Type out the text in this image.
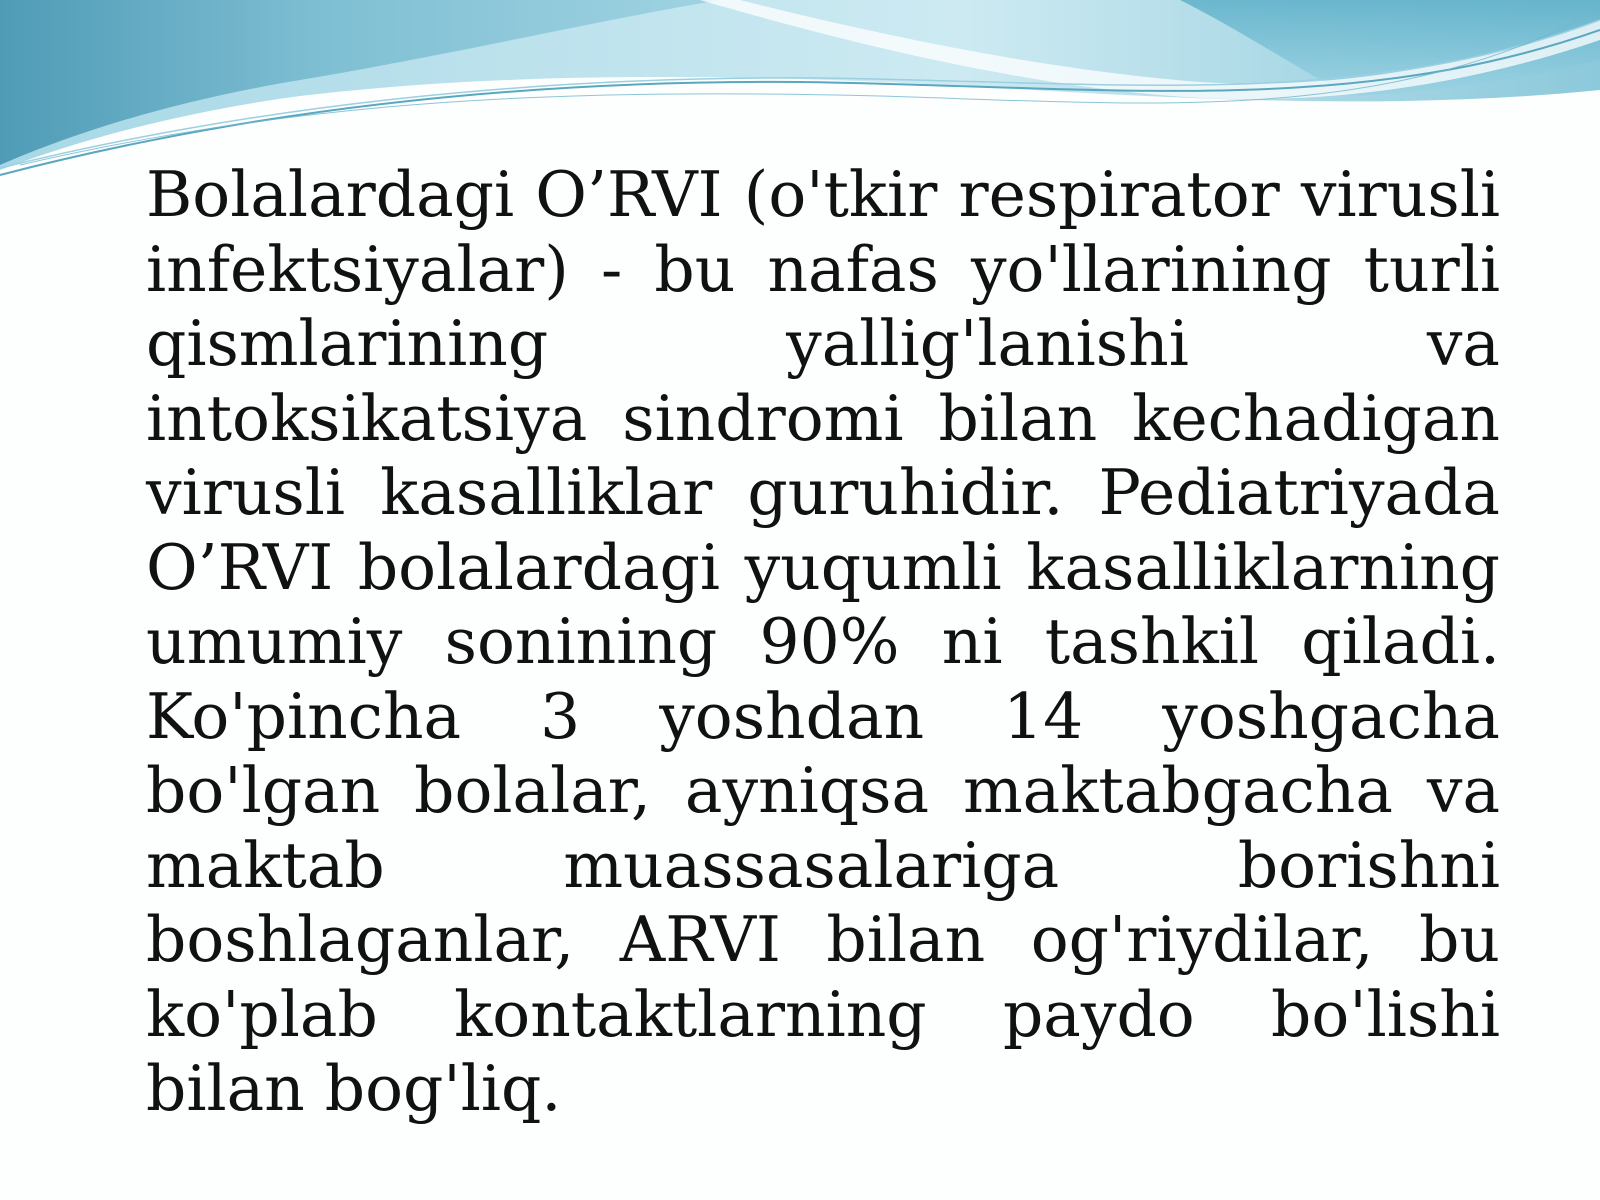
Bolalardagi O’RVI (o'tkir respirator virusli infektsiyalar) - bu nafas yo'llarining turli qismlarining yallig'lanishi va intoksikatsiya sindromi bilan kechadigan virusli kasalliklar guruhidir. Pediatriyada O’RVI bolalardagi yuqumli kasalliklarning umumiy sonining 90% ni tashkil qiladi. Ko'pincha 3 yoshdan 14 yoshgacha bo'lgan bolalar, ayniqsa maktabgacha va maktab muassasalariga borishni boshlaganlar, ARVI bilan og'riydilar, bu ko'plab kontaktlarning paydo bo'lishi bilan bog'liq.
